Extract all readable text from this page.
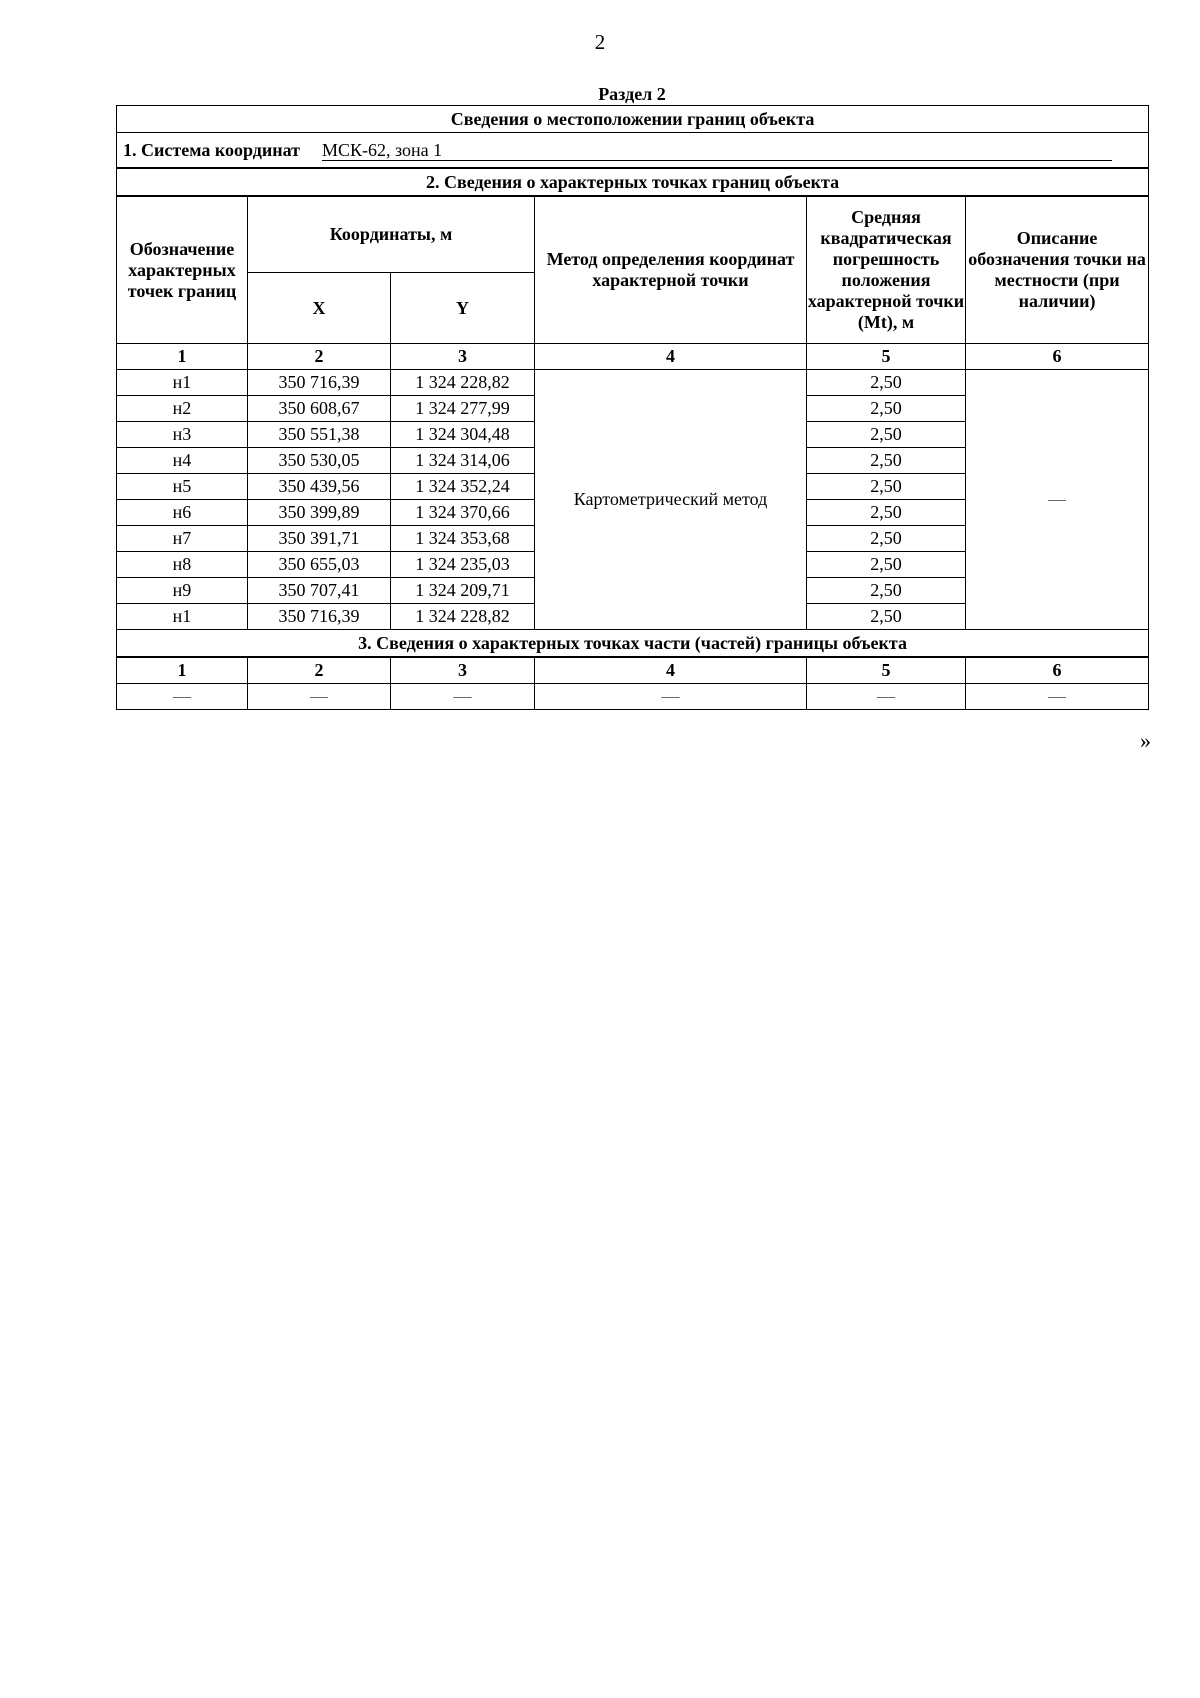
2
Раздел 2
Сведения о местоположении границ объекта					
1. Система координат МСК-62, зона 1					
2. Сведения о характерных точках границ объекта					
Обозначение характерных точек границ	Координаты, м		Метод определения координат характерной точки	Средняя квадратическая погрешность положения характерной точки (Mt), м	Описание обозначения точки на местности (при наличии)
	X	Y			
1	2	3	4	5	6
н1	350 716,39	1 324 228,82	Картометрический метод	2,50	—
н2	350 608,67	1 324 277,99		2,50	
н3	350 551,38	1 324 304,48		2,50	
н4	350 530,05	1 324 314,06		2,50	
н5	350 439,56	1 324 352,24		2,50	
н6	350 399,89	1 324 370,66		2,50	
н7	350 391,71	1 324 353,68		2,50	
н8	350 655,03	1 324 235,03		2,50	
н9	350 707,41	1 324 209,71		2,50	
н1	350 716,39	1 324 228,82		2,50	
3. Сведения о характерных точках части (частей) границы объекта					
1	2	3	4	5	6
—	—	—	—	—	—
»
